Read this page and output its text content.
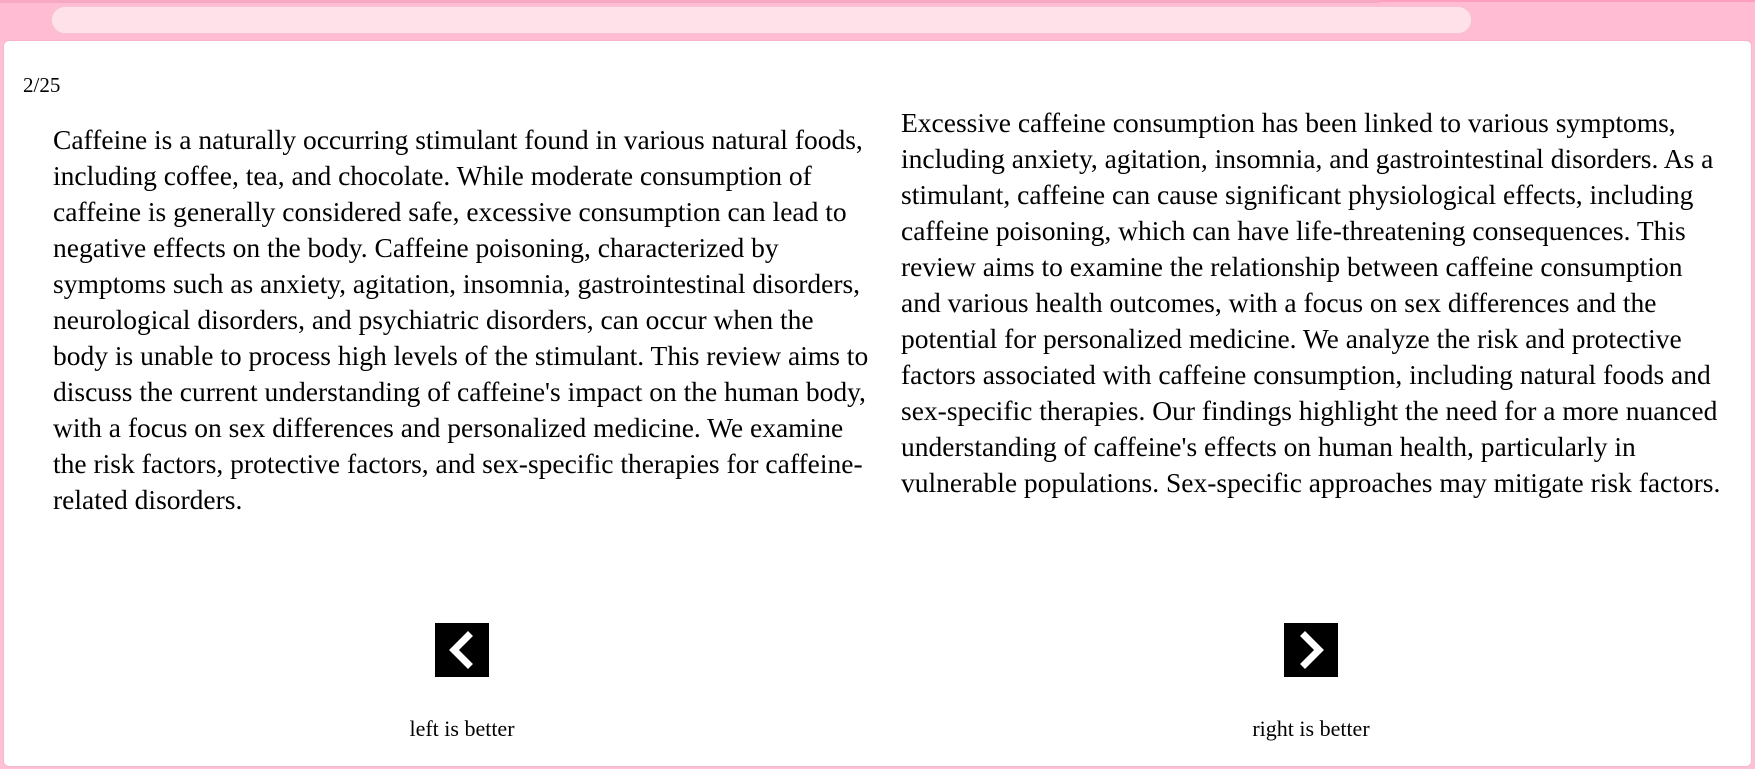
2/25

Caffeine is a naturally occurring stimulant found in various natural foods, including coffee, tea, and chocolate. While moderate consumption of caffeine is generally considered safe, excessive consumption can lead to negative effects on the body. Caffeine poisoning, characterized by symptoms such as anxiety, agitation, insomnia, gastrointestinal disorders, neurological disorders, and psychiatric disorders, can occur when the body is unable to process high levels of the stimulant. This review aims to discuss the current understanding of caffeine's impact on the human body, with a focus on sex differences and personalized medicine. We examine the risk factors, protective factors, and sex-specific therapies for caffeine-related disorders.

Excessive caffeine consumption has been linked to various symptoms, including anxiety, agitation, insomnia, and gastrointestinal disorders. As a stimulant, caffeine can cause significant physiological effects, including caffeine poisoning, which can have life-threatening consequences. This review aims to examine the relationship between caffeine consumption and various health outcomes, with a focus on sex differences and the potential for personalized medicine. We analyze the risk and protective factors associated with caffeine consumption, including natural foods and sex-specific therapies. Our findings highlight the need for a more nuanced understanding of caffeine's effects on human health, particularly in vulnerable populations. Sex-specific approaches may mitigate risk factors.

left is better	right is better
